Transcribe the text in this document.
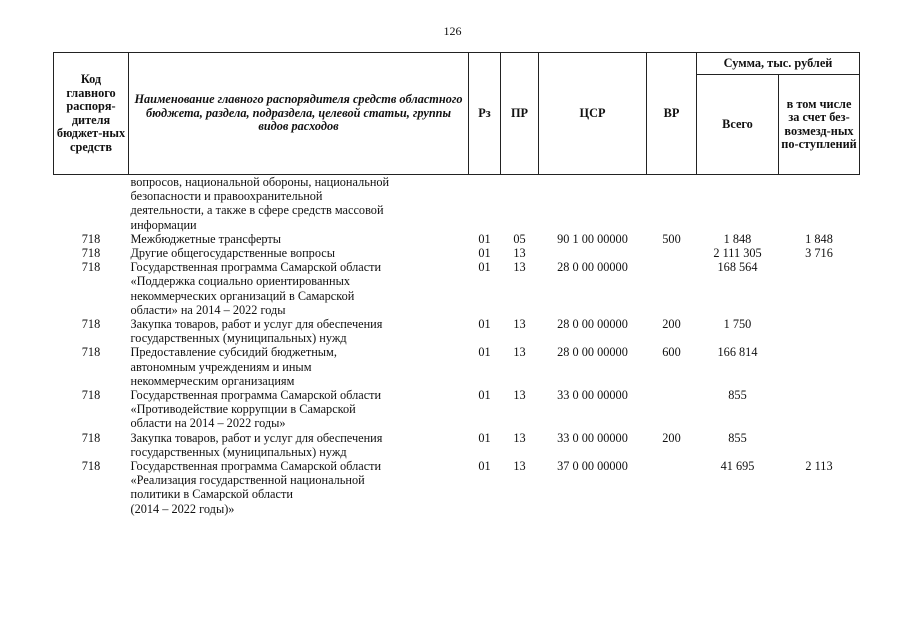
126
Код главного распоря-дителя бюджет-ных средств	Наименование главного распорядителя средств областного бюджета, раздела, подраздела, целевой статьи, группы видов расходов	Рз	ПР	ЦСР	ВР	Сумма, тыс. рублей	
						Всего	в том числе за счет без-возмезд-ных по-ступлений

	вопросов, национальной обороны, национальной
безопасности и правоохранительной
деятельности, а также в сфере средств массовой
информации						

718	Межбюджетные трансферты	01	05	90 1 00 00000	500	1 848	1 848
718	Другие общегосударственные вопросы	01	13			2 111 305	3 716
718	Государственная программа Самарской области
«Поддержка социально ориентированных
некоммерческих организаций в Самарской
области» на 2014 – 2022 годы	01	13	28 0 00 00000		168 564	
718	Закупка товаров, работ и услуг для обеспечения
государственных (муниципальных) нужд	01	13	28 0 00 00000	200	1 750	
718	Предоставление субсидий бюджетным,
автономным учреждениям и иным
некоммерческим организациям	01	13	28 0 00 00000	600	166 814	
718	Государственная программа Самарской области
«Противодействие коррупции в Самарской
области на 2014 – 2022 годы»	01	13	33 0 00 00000		855	
718	Закупка товаров, работ и услуг для обеспечения
государственных (муниципальных) нужд	01	13	33 0 00 00000	200	855	
718	Государственная программа Самарской области
«Реализация государственной национальной
политики в Самарской области
(2014 – 2022 годы)»	01	13	37 0 00 00000		41 695	2 113
